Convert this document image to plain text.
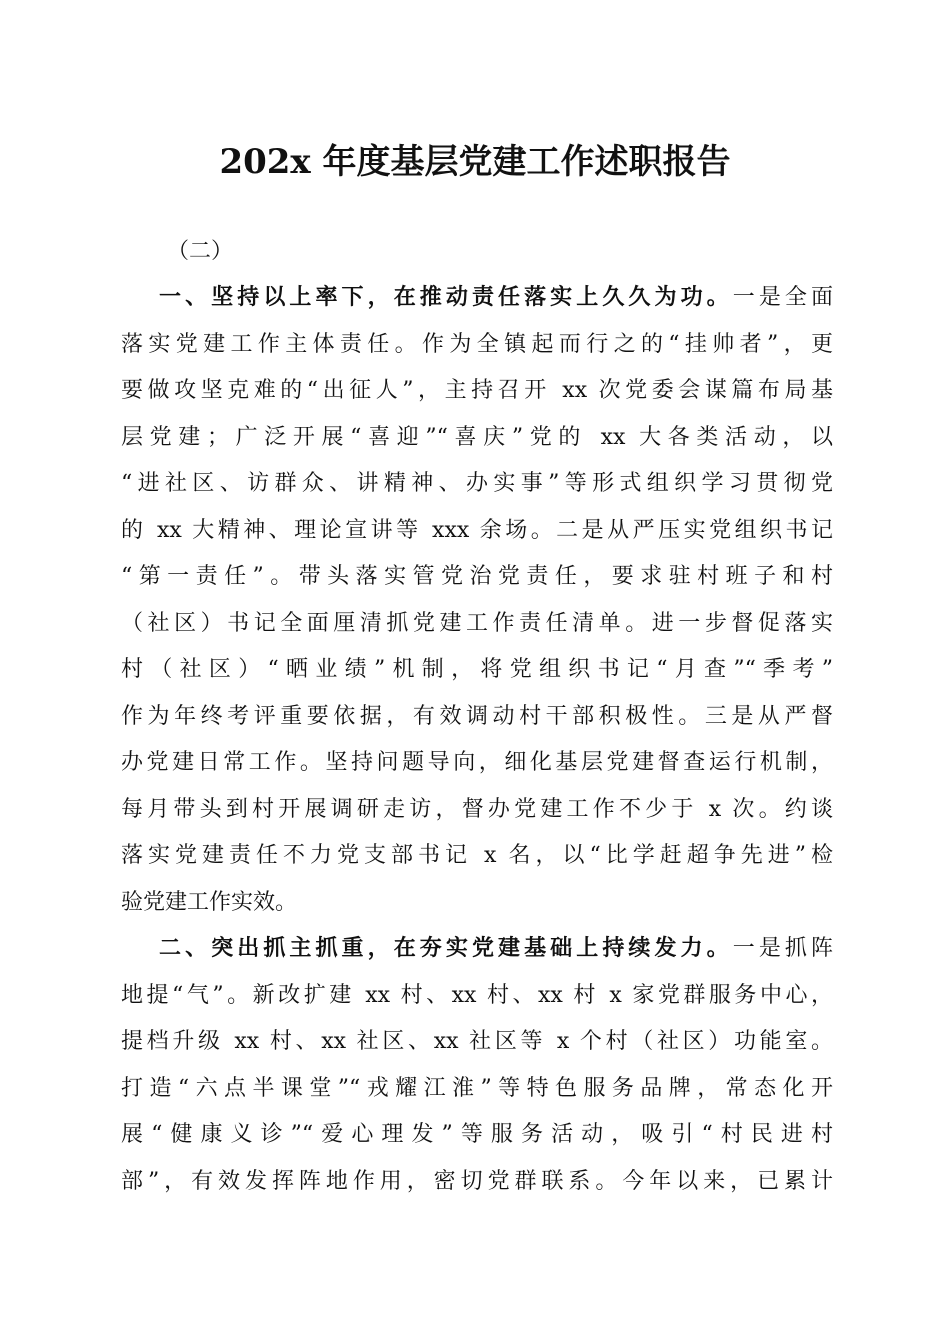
202x 年度基层党建工作述职报告
（二）
一、坚持以上率下，在推动责任落实上久久为功。一是全面
落实党建工作主体责任。作为全镇起而行之的“挂帅者”，更
要做攻坚克难的“出征人”，主持召开 xx 次党委会谋篇布局基
层党建；广泛开展“喜迎”“喜庆”党的 xx 大各类活动，以
“进社区、访群众、讲精神、办实事”等形式组织学习贯彻党
的 xx 大精神、理论宣讲等 xxx 余场。二是从严压实党组织书记
“第一责任”。带头落实管党治党责任，要求驻村班子和村
（社区）书记全面厘清抓党建工作责任清单。进一步督促落实
村（社区）“晒业绩”机制，将党组织书记“月查”“季考”
作为年终考评重要依据，有效调动村干部积极性。三是从严督
办党建日常工作。坚持问题导向，细化基层党建督查运行机制，
每月带头到村开展调研走访，督办党建工作不少于 x 次。约谈
落实党建责任不力党支部书记 x 名，以“比学赶超争先进”检
验党建工作实效。
二、突出抓主抓重，在夯实党建基础上持续发力。一是抓阵
地提“气”。新改扩建 xx 村、xx 村、xx 村 x 家党群服务中心，
提档升级 xx 村、xx 社区、xx 社区等 x 个村（社区）功能室。
打造“六点半课堂”“戎耀江淮”等特色服务品牌，常态化开
展“健康义诊”“爱心理发”等服务活动，吸引“村民进村
部”，有效发挥阵地作用，密切党群联系。今年以来，已累计
